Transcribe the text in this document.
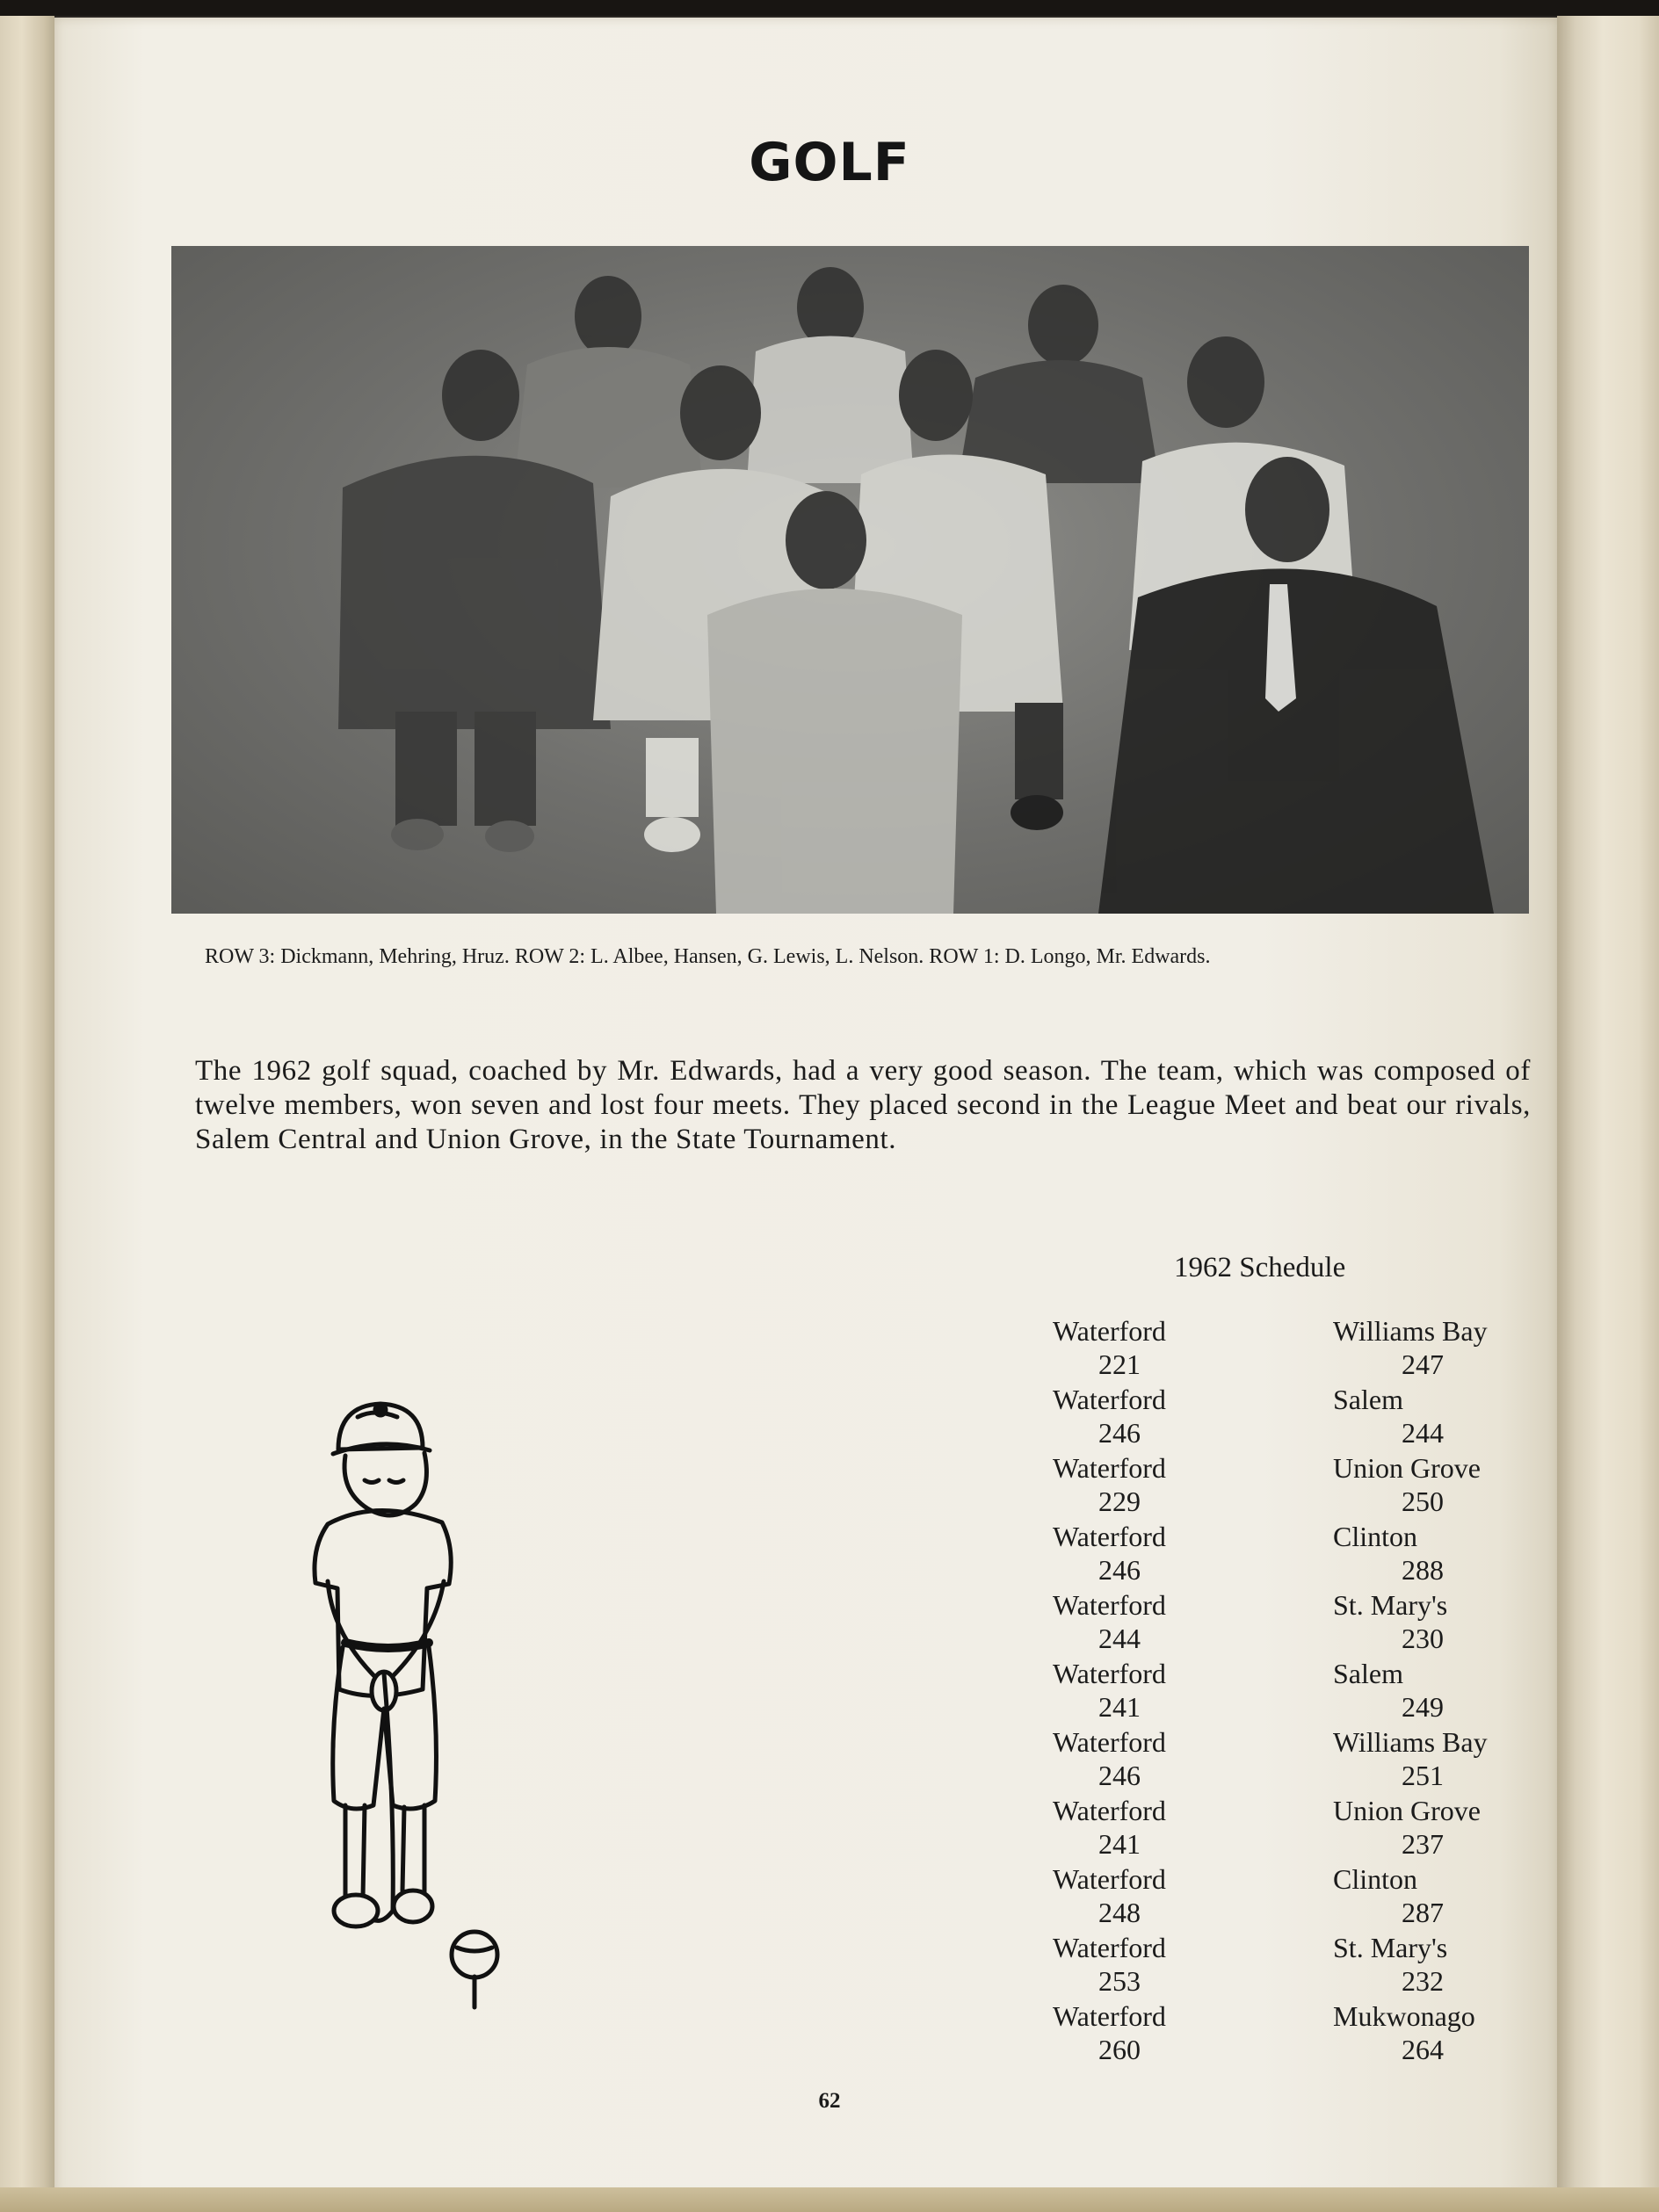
GOLF
ROW 3: Dickmann, Mehring, Hruz. ROW 2: L. Albee, Hansen, G. Lewis, L. Nelson. ROW 1: D. Longo, Mr. Edwards.
The 1962 golf squad, coached by Mr. Edwards, had a very good season. The team, which was composed of twelve members, won seven and lost four meets. They placed second in the League Meet and beat our rivals, Salem Central and Union Grove, in the State Tournament.
1962 Schedule
Waterford
221
Williams Bay
247
Waterford
246
Salem
244
Waterford
229
Union Grove
250
Waterford
246
Clinton
288
Waterford
244
St. Mary's
230
Waterford
241
Salem
249
Waterford
246
Williams Bay
251
Waterford
241
Union Grove
237
Waterford
248
Clinton
287
Waterford
253
St. Mary's
232
Waterford
260
Mukwonago
264
62
